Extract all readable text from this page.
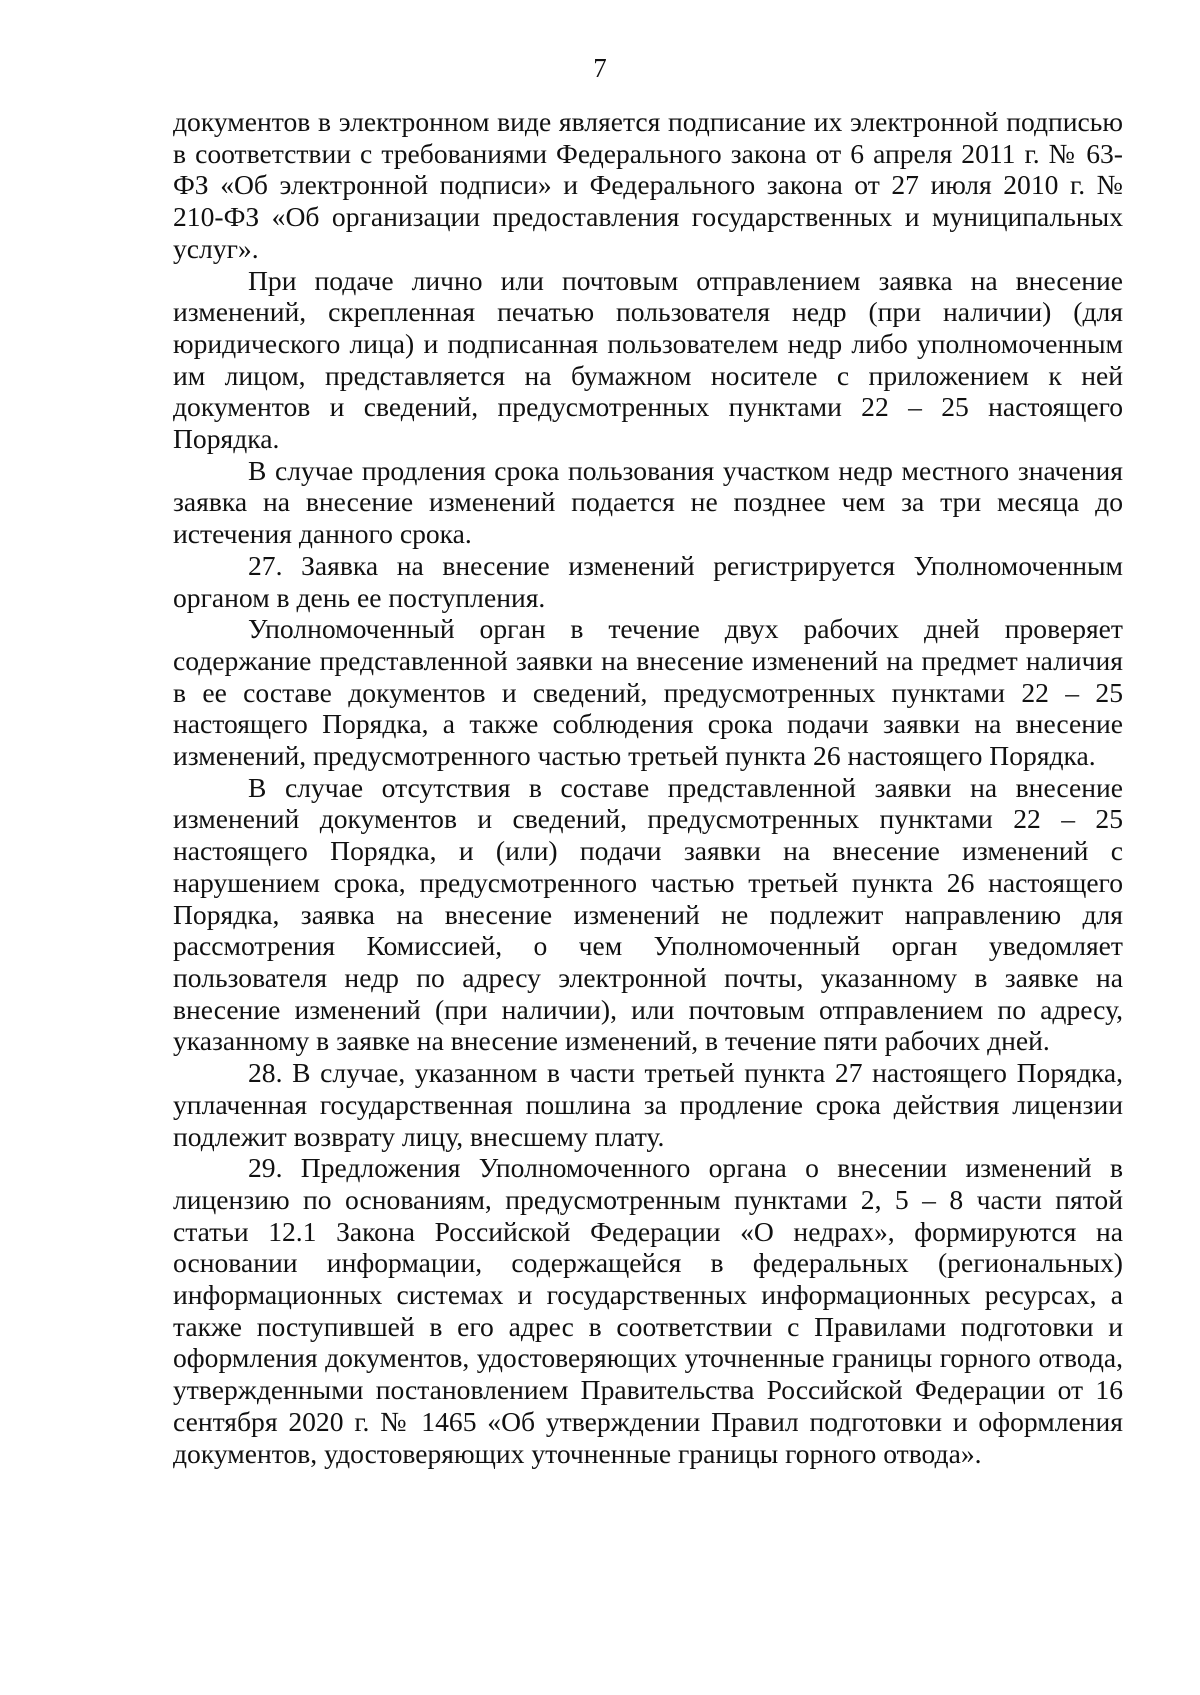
7

документов в электронном виде является подписание их электронной подписью в соответствии с требованиями Федерального закона от 6 апреля 2011 г. № 63-ФЗ «Об электронной подписи» и Федерального закона от 27 июля 2010 г. № 210-ФЗ «Об организации предоставления государственных и муниципальных услуг».

При подаче лично или почтовым отправлением заявка на внесение изменений, скрепленная печатью пользователя недр (при наличии) (для юридического лица) и подписанная пользователем недр либо уполномоченным им лицом, представляется на бумажном носителе с приложением к ней документов и сведений, предусмотренных пунктами 22 – 25 настоящего Порядка.

В случае продления срока пользования участком недр местного значения заявка на внесение изменений подается не позднее чем за три месяца до истечения данного срока.

27. Заявка на внесение изменений регистрируется Уполномоченным органом в день ее поступления.

Уполномоченный орган в течение двух рабочих дней проверяет содержание представленной заявки на внесение изменений на предмет наличия в ее составе документов и сведений, предусмотренных пунктами 22 – 25 настоящего Порядка, а также соблюдения срока подачи заявки на внесение изменений, предусмотренного частью третьей пункта 26 настоящего Порядка.

В случае отсутствия в составе представленной заявки на внесение изменений документов и сведений, предусмотренных пунктами 22 – 25 настоящего Порядка, и (или) подачи заявки на внесение изменений с нарушением срока, предусмотренного частью третьей пункта 26 настоящего Порядка, заявка на внесение изменений не подлежит направлению для рассмотрения Комиссией, о чем Уполномоченный орган уведомляет пользователя недр по адресу электронной почты, указанному в заявке на внесение изменений (при наличии), или почтовым отправлением по адресу, указанному в заявке на внесение изменений, в течение пяти рабочих дней.

28. В случае, указанном в части третьей пункта 27 настоящего Порядка, уплаченная государственная пошлина за продление срока действия лицензии подлежит возврату лицу, внесшему плату.

29. Предложения Уполномоченного органа о внесении изменений в лицензию по основаниям, предусмотренным пунктами 2, 5 – 8 части пятой статьи 12.1 Закона Российской Федерации «О недрах», формируются на основании информации, содержащейся в федеральных (региональных) информационных системах и государственных информационных ресурсах, а также поступившей в его адрес в соответствии с Правилами подготовки и оформления документов, удостоверяющих уточненные границы горного отвода, утвержденными постановлением Правительства Российской Федерации от 16 сентября 2020 г. № 1465 «Об утверждении Правил подготовки и оформления документов, удостоверяющих уточненные границы горного отвода».
